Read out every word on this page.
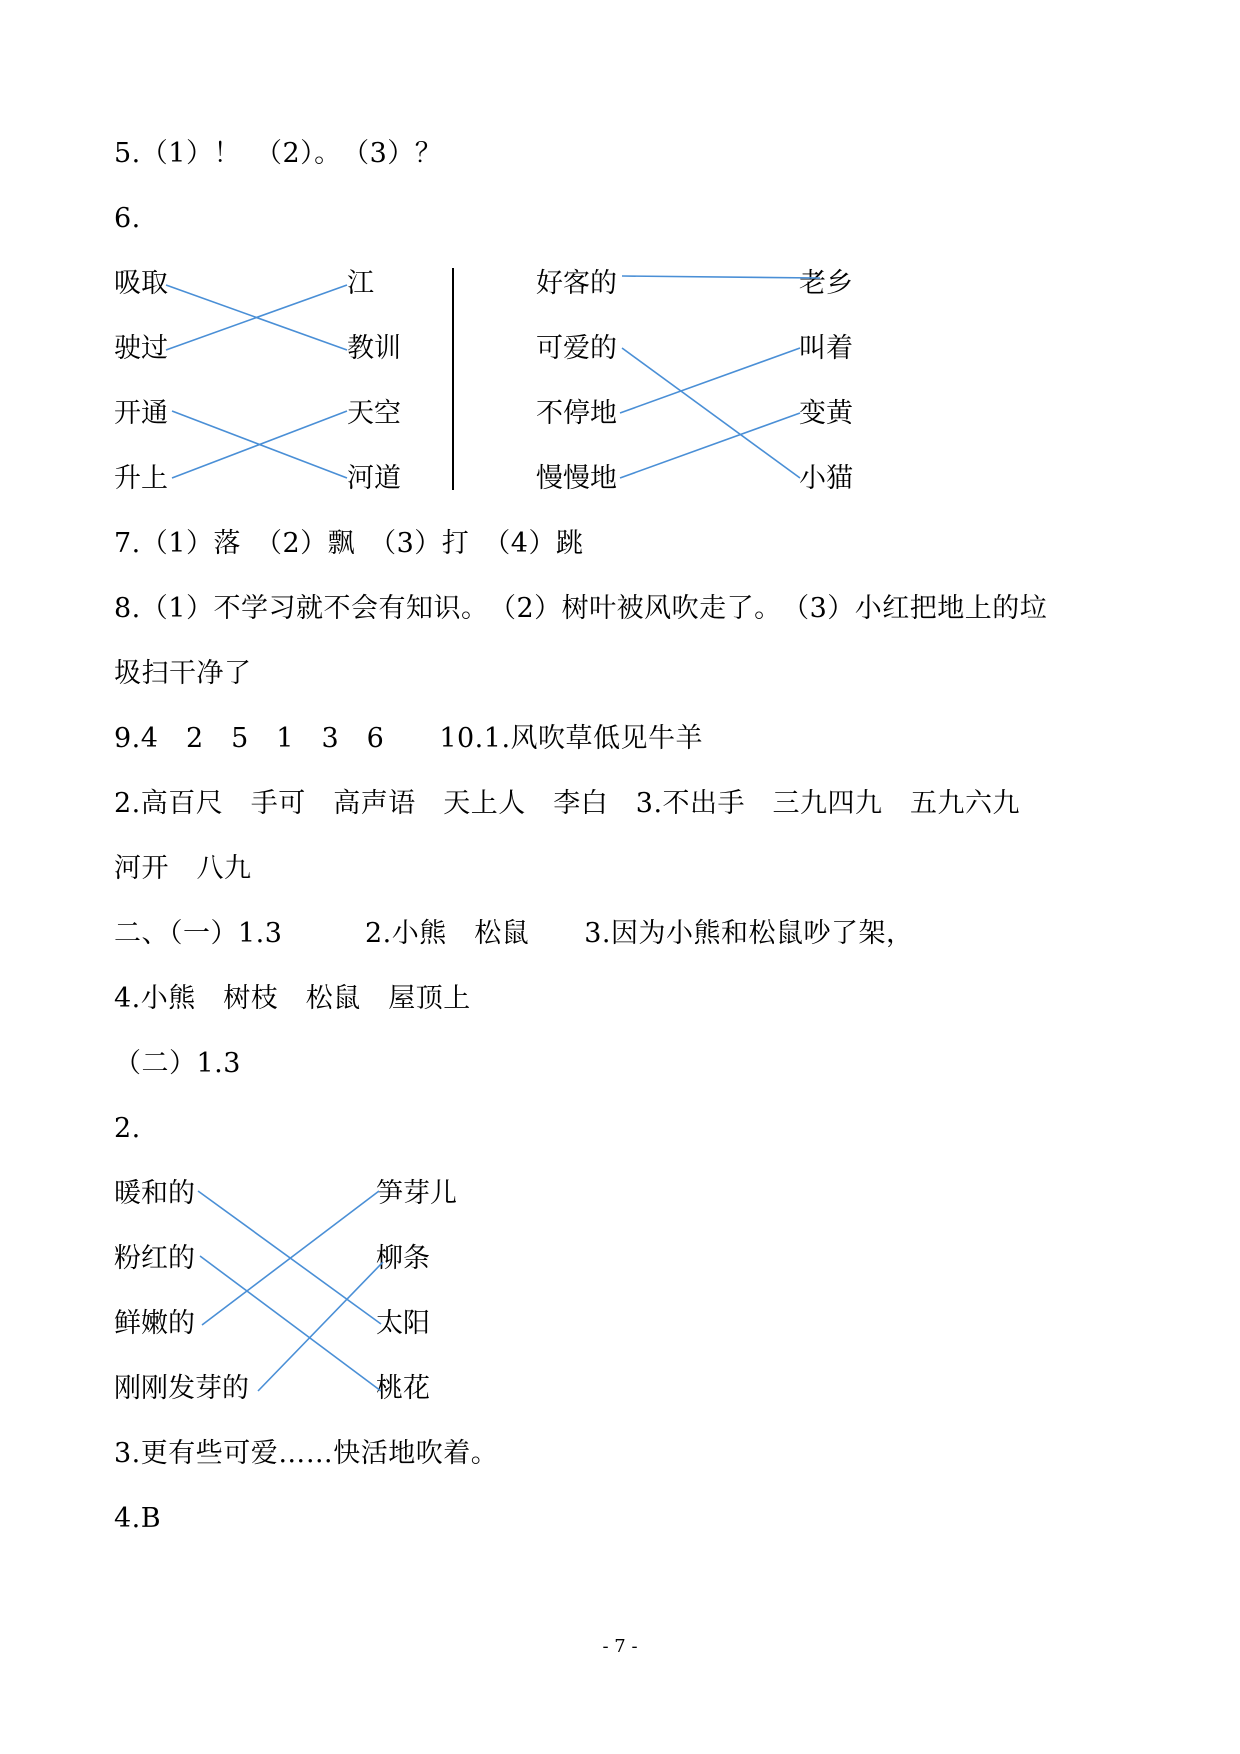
5.（1）！　（2）。　（3）？
6.
吸取
驶过
开通
升上
江
教训
天空
河道
好客的
可爱的
不停地
慢慢地
老乡
叫着
变黄
小猫
7.（1）落　（2）飘　（3）打　（4）跳
8.（1）不学习就不会有知识。　（2）树叶被风吹走了。　（3）小红把地上的垃
圾扫干净了
9.4　2　5　1　3　6　　10.1.风吹草低见牛羊
2.高百尺　手可　高声语　天上人　李白　3.不出手　三九四九　五九六九
河开　八九
二、（一）1.3　　　2.小熊　松鼠　　3.因为小熊和松鼠吵了架，
4.小熊　树枝　松鼠　屋顶上
（二）1.3
2.
暖和的
粉红的
鲜嫩的
刚刚发芽的
笋芽儿
柳条
太阳
桃花
3.更有些可爱……快活地吹着。
4.B
- 7 -
